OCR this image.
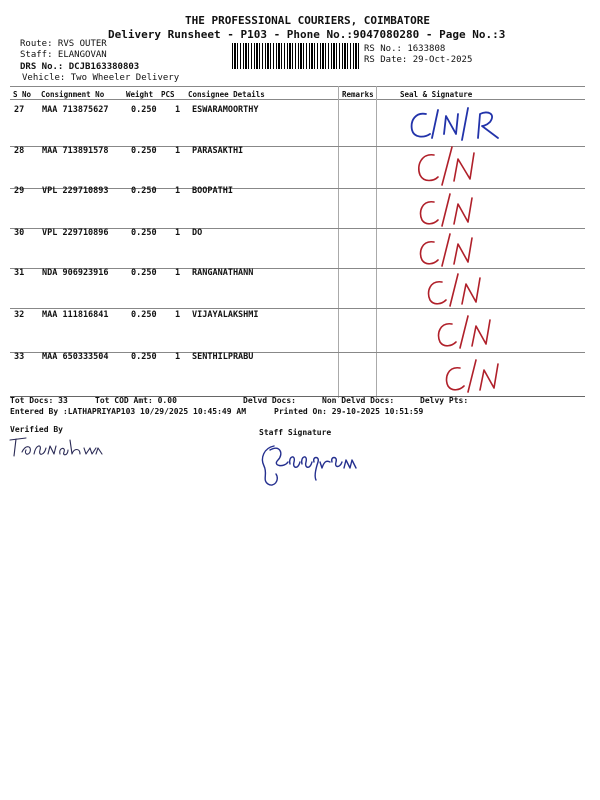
THE PROFESSIONAL COURIERS, COIMBATORE
Delivery Runsheet - P103 - Phone No.:9047080280 - Page No.:3
Route: RVS OUTER
Staff: ELANGOVAN
DRS No.: DCJB163380803
Vehicle: Two Wheeler Delivery
RS No.: 1633808
RS Date: 29-Oct-2025
S No Consignment No	Weight PCS Consignee Details	Remarks	Seal & Signature
27 MAA 713875627	0.250 1 ESWARAMOORTHY
28 MAA 713891578	0.250 1 PARASAKTHI
29 VPL 229710893	0.250 1 BOOPATHI
30 VPL 229710896	0.250 1 DO
31 NDA 906923916	0.250 1 RANGANATHANN
32 MAA 111816841	0.250 1 VIJAYALAKSHMI
33 MAA 650333504	0.250 1 SENTHILPRABU
Tot Docs: 33	Tot COD Amt: 0.00	Delvd Docs:	Non Delvd Docs:	Delvy Pts:
Entered By :LATHAPRIYAP103 10/29/2025 10:45:49 AM	Printed On: 29-10-2025 10:51:59
Verified By	Staff Signature
